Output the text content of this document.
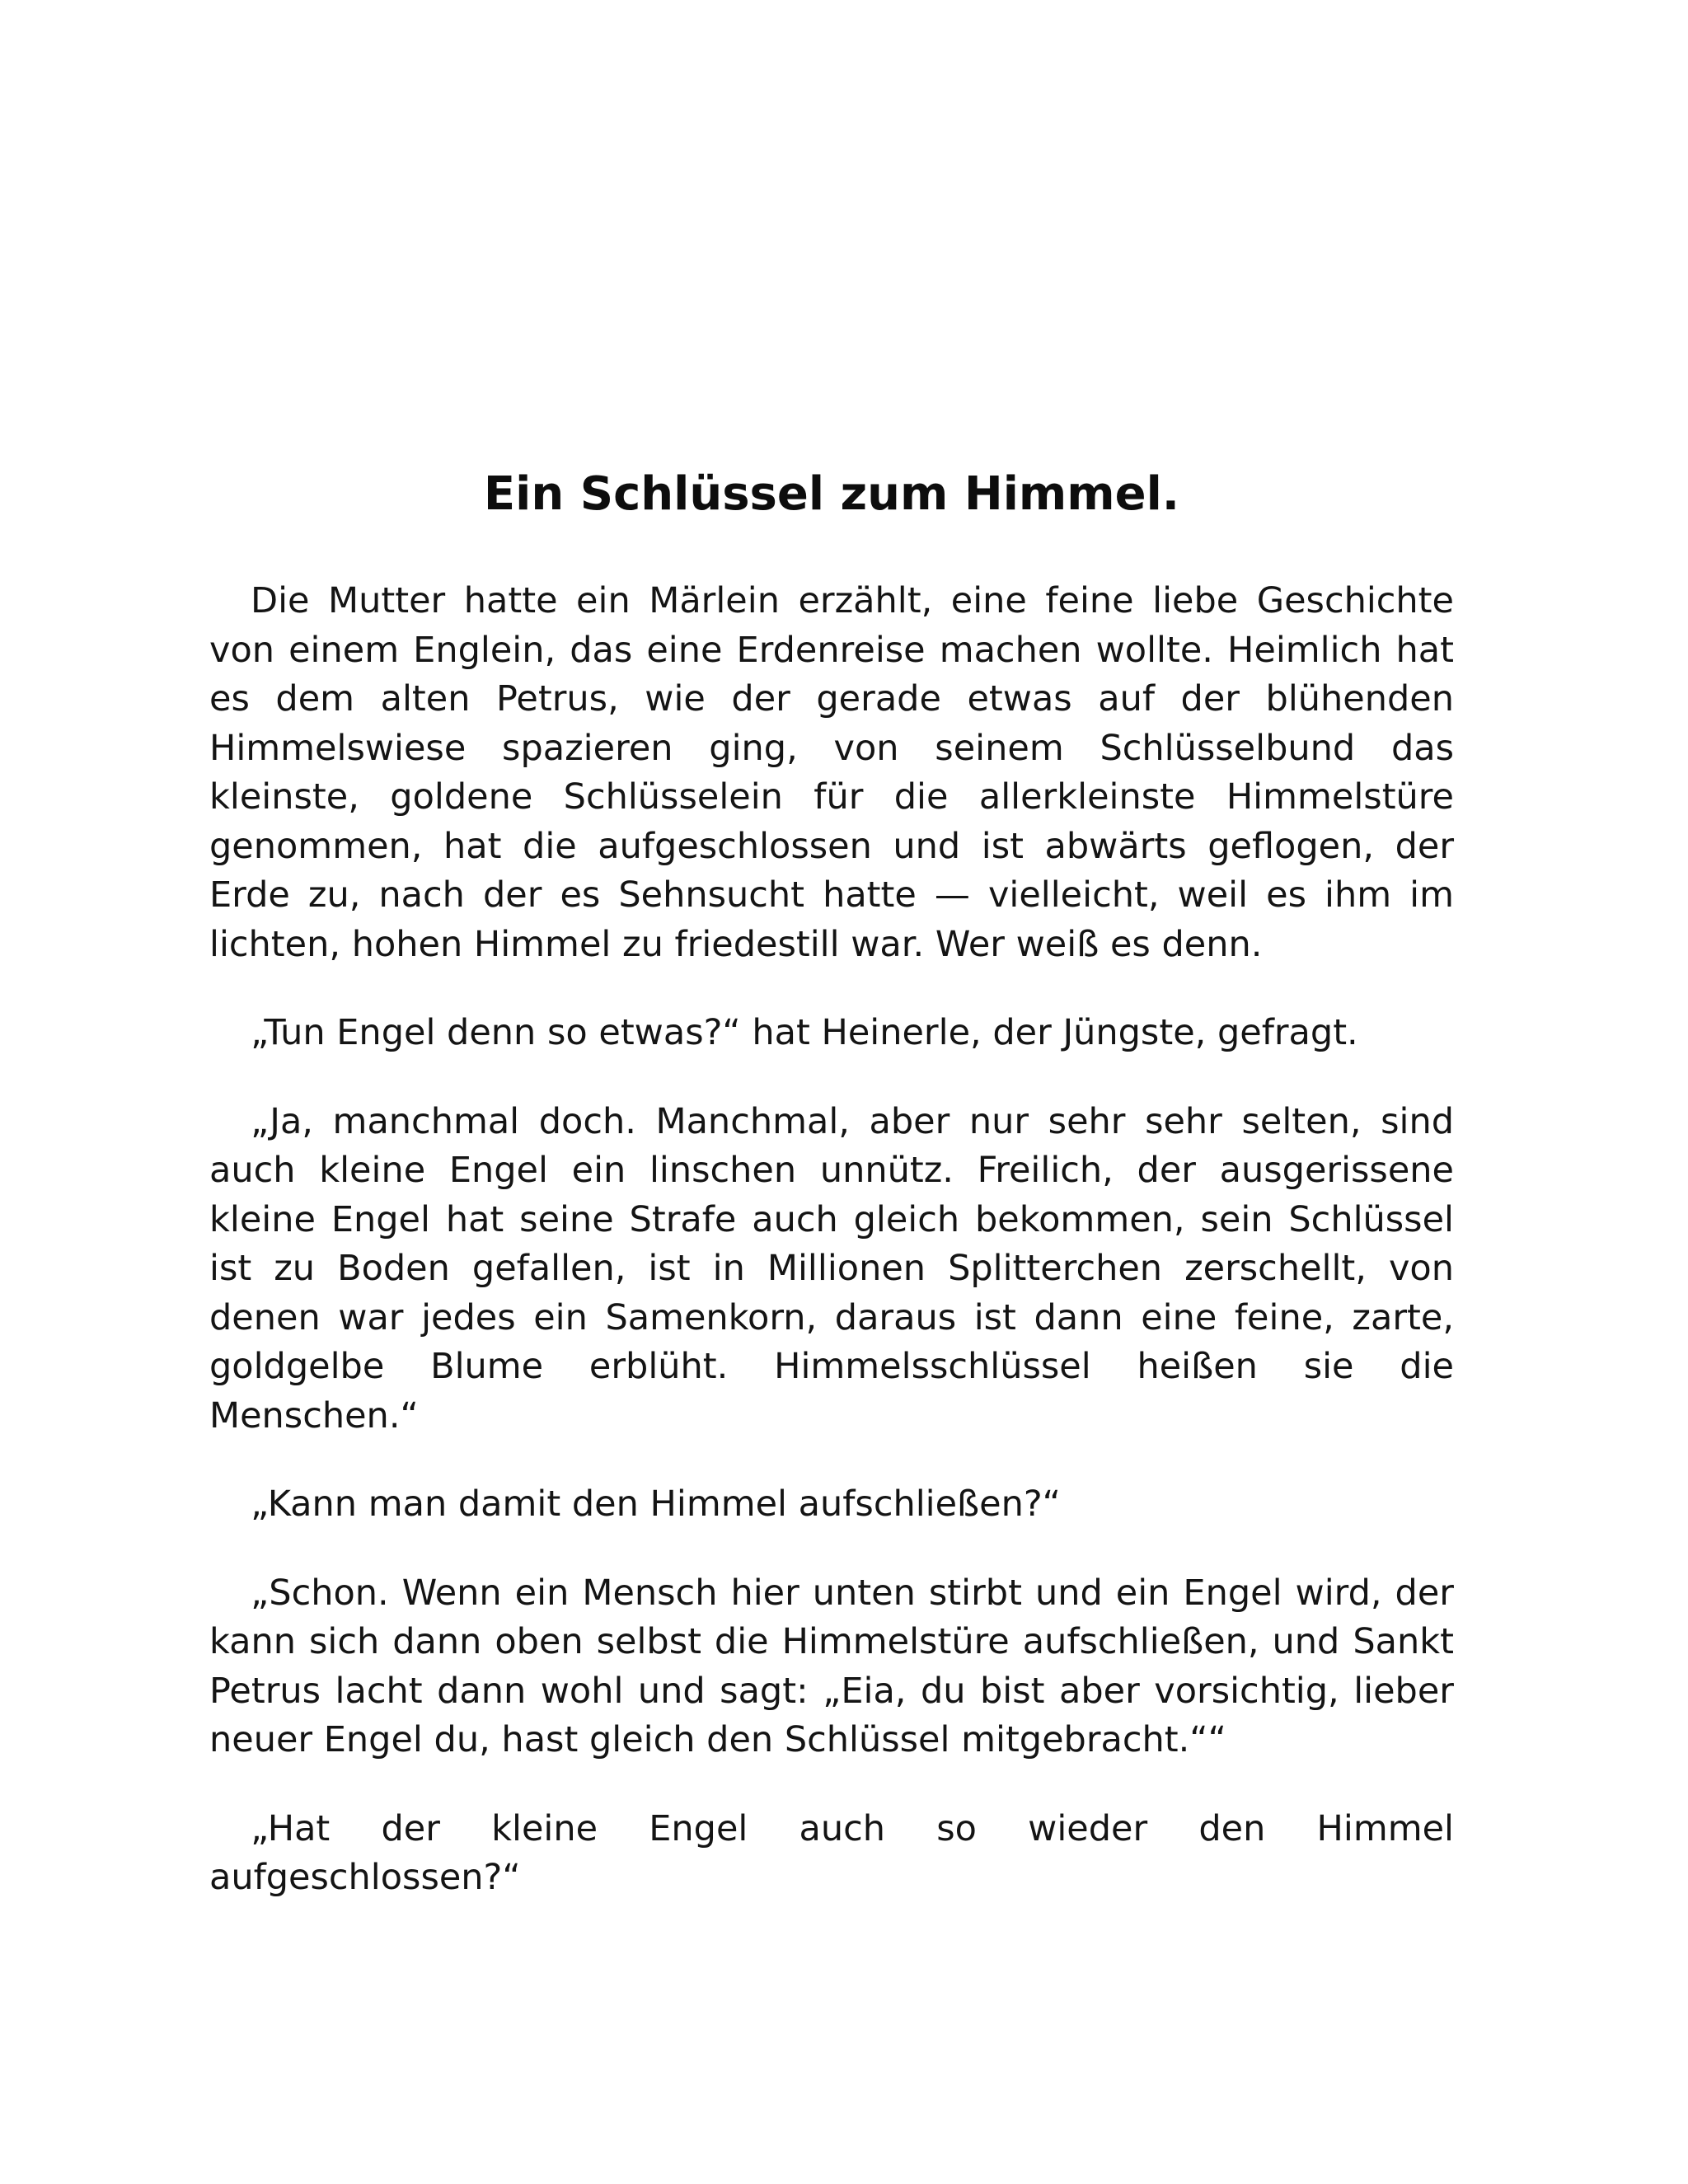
Ein Schlüssel zum Himmel.

Die Mutter hatte ein Märlein erzählt, eine feine liebe Geschichte von einem Englein, das eine Erdenreise machen wollte. Heimlich hat es dem alten Petrus, wie der gerade etwas auf der blühenden Himmelswiese spazieren ging, von seinem Schlüsselbund das kleinste, goldene Schlüsselein für die allerkleinste Himmelstüre genommen, hat die aufgeschlossen und ist abwärts geflogen, der Erde zu, nach der es Sehnsucht hatte — vielleicht, weil es ihm im lichten, hohen Himmel zu friedestill war. Wer weiß es denn.

„Tun Engel denn so etwas?“ hat Heinerle, der Jüngste, gefragt.

„Ja, manchmal doch. Manchmal, aber nur sehr sehr selten, sind auch kleine Engel ein linschen unnütz. Freilich, der ausgerissene kleine Engel hat seine Strafe auch gleich bekommen, sein Schlüssel ist zu Boden gefallen, ist in Millionen Splitterchen zerschellt, von denen war jedes ein Samenkorn, daraus ist dann eine feine, zarte, goldgelbe Blume erblüht. Himmelsschlüssel heißen sie die Menschen.“

„Kann man damit den Himmel aufschließen?“

„Schon. Wenn ein Mensch hier unten stirbt und ein Engel wird, der kann sich dann oben selbst die Himmelstüre aufschließen, und Sankt Petrus lacht dann wohl und sagt: „Eia, du bist aber vorsichtig, lieber neuer Engel du, hast gleich den Schlüssel mitgebracht.““

„Hat der kleine Engel auch so wieder den Himmel aufgeschlossen?“
